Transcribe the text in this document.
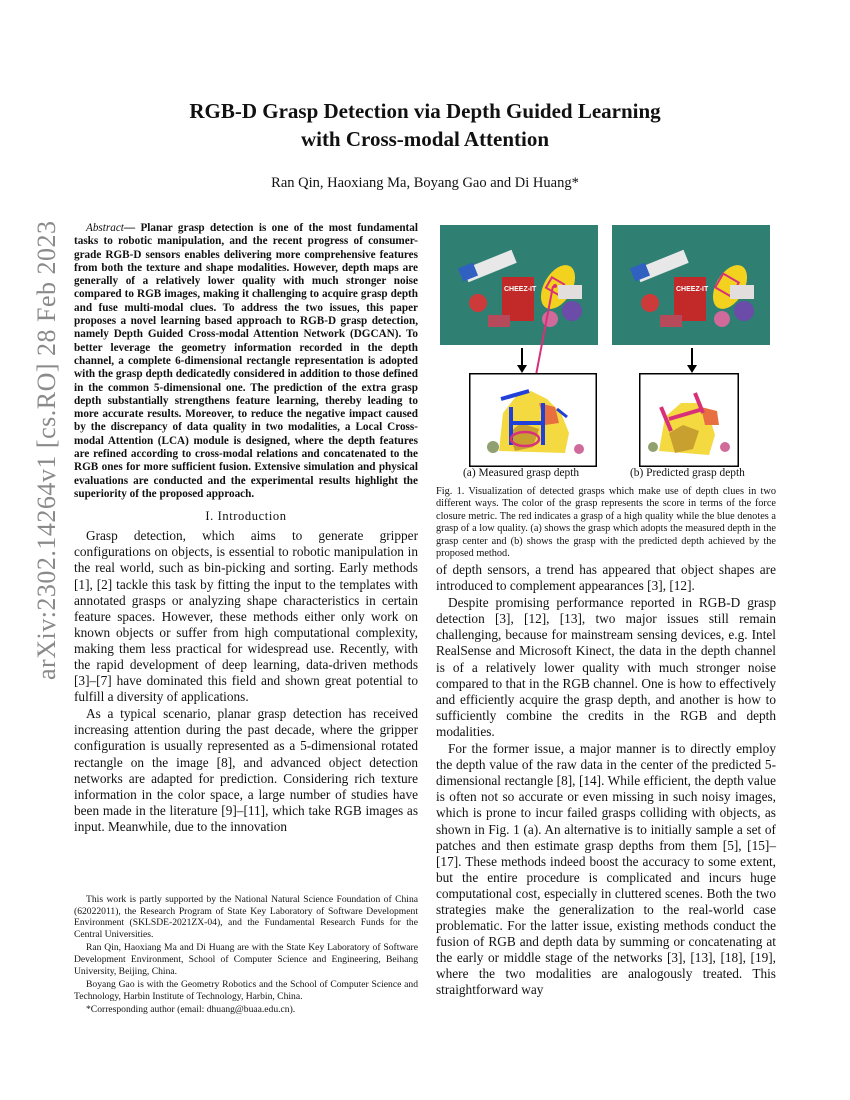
arXiv:2302.14264v1 [cs.RO] 28 Feb 2023
RGB-D Grasp Detection via Depth Guided Learning
with Cross-modal Attention
Ran Qin, Haoxiang Ma, Boyang Gao and Di Huang*

Abstract— Planar grasp detection is one of the most fundamental tasks to robotic manipulation, and the recent progress of consumer-grade RGB-D sensors enables delivering more comprehensive features from both the texture and shape modalities. However, depth maps are generally of a relatively lower quality with much stronger noise compared to RGB images, making it challenging to acquire grasp depth and fuse multi-modal clues. To address the two issues, this paper proposes a novel learning based approach to RGB-D grasp detection, namely Depth Guided Cross-modal Attention Network (DGCAN). To better leverage the geometry information recorded in the depth channel, a complete 6-dimensional rectangle representation is adopted with the grasp depth dedicatedly considered in addition to those defined in the common 5-dimensional one. The prediction of the extra grasp depth substantially strengthens feature learning, thereby leading to more accurate results. Moreover, to reduce the negative impact caused by the discrepancy of data quality in two modalities, a Local Cross-modal Attention (LCA) module is designed, where the depth features are refined according to cross-modal relations and concatenated to the RGB ones for more sufficient fusion. Extensive simulation and physical evaluations are conducted and the experimental results highlight the superiority of the proposed approach.

I. Introduction

Grasp detection, which aims to generate gripper configurations on objects, is essential to robotic manipulation in the real world, such as bin-picking and sorting. Early methods [1], [2] tackle this task by fitting the input to the templates with annotated grasps or analyzing shape characteristics in certain feature spaces. However, these methods either only work on known objects or suffer from high computational complexity, making them less practical for widespread use. Recently, with the rapid development of deep learning, data-driven methods [3]–[7] have dominated this field and shown great potential to fulfill a diversity of applications.

As a typical scenario, planar grasp detection has received increasing attention during the past decade, where the gripper configuration is usually represented as a 5-dimensional rotated rectangle on the image [8], and advanced object detection networks are adapted for prediction. Considering rich texture information in the color space, a large number of studies have been made in the literature [9]–[11], which take RGB images as input. Meanwhile, due to the innovation

This work is partly supported by the National Natural Science Foundation of China (62022011), the Research Program of State Key Laboratory of Software Development Environment (SKLSDE-2021ZX-04), and the Fundamental Research Funds for the Central Universities.

Ran Qin, Haoxiang Ma and Di Huang are with the State Key Laboratory of Software Development Environment, School of Computer Science and Engineering, Beihang University, Beijing, China.

Boyang Gao is with the Geometry Robotics and the School of Computer Science and Technology, Harbin Institute of Technology, Harbin, China.

*Corresponding author (email: dhuang@buaa.edu.cn).

CHEEZ-IT	CHEEZ-IT
(a) Measured grasp depth	(b) Predicted grasp depth

Fig. 1. Visualization of detected grasps which make use of depth clues in two different ways. The color of the grasp represents the score in terms of the force closure metric. The red indicates a grasp of a high quality while the blue denotes a grasp of a low quality. (a) shows the grasp which adopts the measured depth in the grasp center and (b) shows the grasp with the predicted depth achieved by the proposed method.

of depth sensors, a trend has appeared that object shapes are introduced to complement appearances [3], [12].

Despite promising performance reported in RGB-D grasp detection [3], [12], [13], two major issues still remain challenging, because for mainstream sensing devices, e.g. Intel RealSense and Microsoft Kinect, the data in the depth channel is of a relatively lower quality with much stronger noise compared to that in the RGB channel. One is how to effectively and efficiently acquire the grasp depth, and another is how to sufficiently combine the credits in the RGB and depth modalities.

For the former issue, a major manner is to directly employ the depth value of the raw data in the center of the predicted 5-dimensional rectangle [8], [14]. While efficient, the depth value is often not so accurate or even missing in such noisy images, which is prone to incur failed grasps colliding with objects, as shown in Fig. 1 (a). An alternative is to initially sample a set of patches and then estimate grasp depths from them [5], [15]–[17]. These methods indeed boost the accuracy to some extent, but the entire procedure is complicated and incurs huge computational cost, especially in cluttered scenes. Both the two strategies make the generalization to the real-world case problematic. For the latter issue, existing methods conduct the fusion of RGB and depth data by summing or concatenating at the early or middle stage of the networks [3], [13], [18], [19], where the two modalities are analogously treated. This straightforward way
